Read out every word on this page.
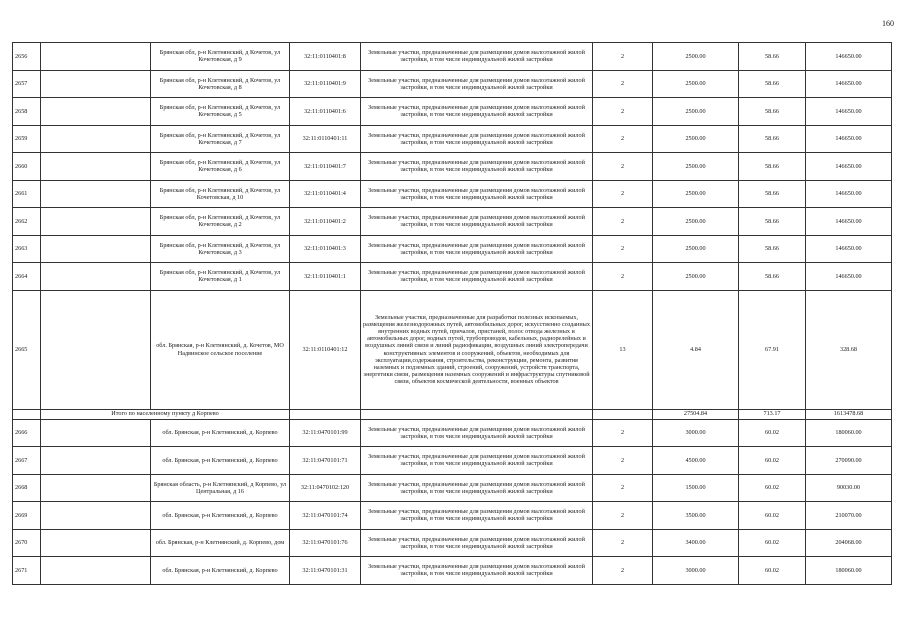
160
2656		Брянская обл, р-н Клетнянский, д Кочетов, ул Кочетовская, д 9	32:11:0110401:8	Земельные участки, предназначенные для размещения домов малоэтажной жилой застройки, в том числе индивидуальной жилой застройки	2	2500.00	58.66	146650.00
2657		Брянская обл, р-н Клетнянский, д Кочетов, ул Кочетовская, д 8	32:11:0110401:9	Земельные участки, предназначенные для размещения домов малоэтажной жилой застройки, в том числе индивидуальной жилой застройки	2	2500.00	58.66	146650.00
2658		Брянская обл, р-н Клетнянский, д Кочетов, ул Кочетовская, д 5	32:11:0110401:6	Земельные участки, предназначенные для размещения домов малоэтажной жилой застройки, в том числе индивидуальной жилой застройки	2	2500.00	58.66	146650.00
2659		Брянская обл, р-н Клетнянский, д Кочетов, ул Кочетовская, д 7	32:11:0110401:11	Земельные участки, предназначенные для размещения домов малоэтажной жилой застройки, в том числе индивидуальной жилой застройки	2	2500.00	58.66	146650.00
2660		Брянская обл, р-н Клетнянский, д Кочетов, ул Кочетовская, д 6	32:11:0110401:7	Земельные участки, предназначенные для размещения домов малоэтажной жилой застройки, в том числе индивидуальной жилой застройки	2	2500.00	58.66	146650.00
2661		Брянская обл, р-н Клетнянский, д Кочетов, ул Кочетовская, д 10	32:11:0110401:4	Земельные участки, предназначенные для размещения домов малоэтажной жилой застройки, в том числе индивидуальной жилой застройки	2	2500.00	58.66	146650.00
2662		Брянская обл, р-н Клетнянский, д Кочетов, ул Кочетовская, д 2	32:11:0110401:2	Земельные участки, предназначенные для размещения домов малоэтажной жилой застройки, в том числе индивидуальной жилой застройки	2	2500.00	58.66	146650.00
2663		Брянская обл, р-н Клетнянский, д Кочетов, ул Кочетовская, д 3	32:11:0110401:3	Земельные участки, предназначенные для размещения домов малоэтажной жилой застройки, в том числе индивидуальной жилой застройки	2	2500.00	58.66	146650.00
2664		Брянская обл, р-н Клетнянский, д Кочетов, ул Кочетовская, д 1	32:11:0110401:1	Земельные участки, предназначенные для размещения домов малоэтажной жилой застройки, в том числе индивидуальной жилой застройки	2	2500.00	58.66	146650.00
2665		обл. Брянская, р-н Клетнянский, д. Кочетов, МО Надвинское сельское поселение	32:11:0110401:12	Земельные участки, предназначенные для разработки полезных ископаемых, размещения железнодорожных путей, автомобильных дорог, искусственно созданных внутренних водных путей, причалов, пристаней, полос отвода железных и автомобильных дорог, водных путей, трубопроводов, кабельных, радиорелейных и воздушных линий связи и линий радиофикации, воздушных линий электропередачи конструктивных элементов и сооружений, объектов, необходимых для эксплуатации,содержания, строительства, реконструкции, ремонта, развития наземных и подземных зданий, строений, сооружений, устройств транспорта, энергетики связи, размещения наземных сооружений и инфраструктуры спутниковой связи, объектов космической деятельности, военных объектов	13	4.84	67.91	328.68
	Итого по населенному пункту д Корпево					27504.84	713.17	1613478.68
2666		обл. Брянская, р-н Клетнянский, д. Корпево	32:11:0470101:99	Земельные участки, предназначенные для размещения домов малоэтажной жилой застройки, в том числе индивидуальной жилой застройки	2	3000.00	60.02	180060.00
2667		обл. Брянская, р-н Клетнянский, д. Корпево	32:11:0470101:71	Земельные участки, предназначенные для размещения домов малоэтажной жилой застройки, в том числе индивидуальной жилой застройки	2	4500.00	60.02	270090.00
2668		Брянская область, р-н Клетнянский, д Корпево, ул Центральная, д 16	32:11:0470102:120	Земельные участки, предназначенные для размещения домов малоэтажной жилой застройки, в том числе индивидуальной жилой застройки	2	1500.00	60.02	90030.00
2669		обл. Брянская, р-н Клетнянский, д. Корпево	32:11:0470101:74	Земельные участки, предназначенные для размещения домов малоэтажной жилой застройки, в том числе индивидуальной жилой застройки	2	3500.00	60.02	210070.00
2670		обл. Брянская, р-н Клетнянский, д. Корпево, дом	32:11:0470101:76	Земельные участки, предназначенные для размещения домов малоэтажной жилой застройки, в том числе индивидуальной жилой застройки	2	3400.00	60.02	204068.00
2671		обл. Брянская, р-н Клетнянский, д. Корпево	32:11:0470101:31	Земельные участки, предназначенные для размещения домов малоэтажной жилой застройки, в том числе индивидуальной жилой застройки	2	3000.00	60.02	180060.00
